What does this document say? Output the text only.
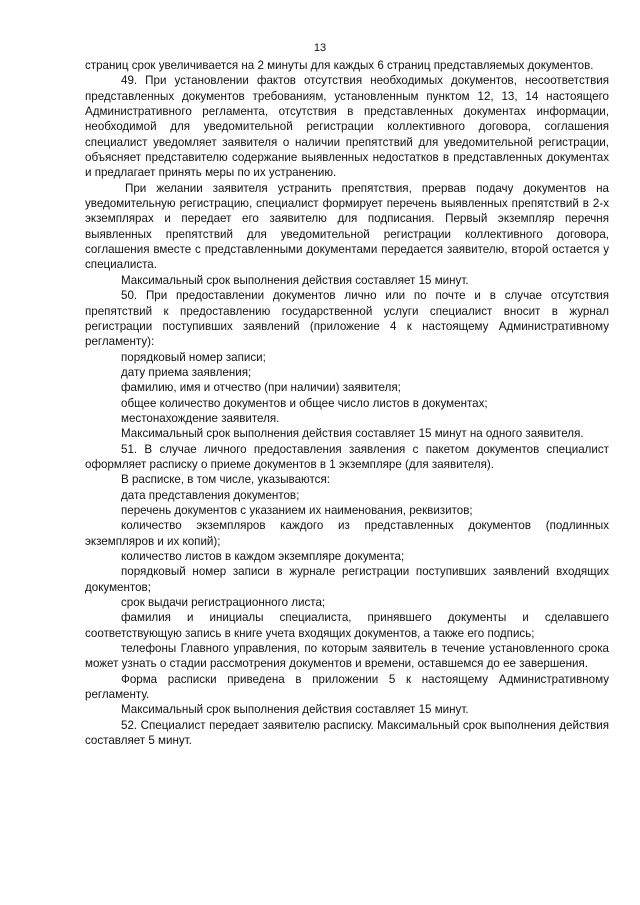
13

страниц срок увеличивается на 2 минуты для каждых 6 страниц представляемых документов.

49. При установлении фактов отсутствия необходимых документов, несоответствия представленных документов требованиям, установленным пунктом 12, 13, 14 настоящего Административного регламента, отсутствия в представленных документах информации, необходимой для уведомительной регистрации коллективного договора, соглашения специалист уведомляет заявителя о наличии препятствий для уведомительной регистрации, объясняет представителю содержание выявленных недостатков в представленных документах и предлагает принять меры по их устранению.

При желании заявителя устранить препятствия, прервав подачу документов на уведомительную регистрацию, специалист формирует перечень выявленных препятствий в 2-х экземплярах и передает его заявителю для подписания. Первый экземпляр перечня выявленных препятствий для уведомительной регистрации коллективного договора, соглашения вместе с представленными документами передается заявителю, второй остается у специалиста.

Максимальный срок выполнения действия составляет 15 минут.

50. При предоставлении документов лично или по почте и в случае отсутствия препятствий к предоставлению государственной услуги специалист вносит в журнал регистрации поступивших заявлений (приложение 4 к настоящему Административному регламенту):

порядковый номер записи;

дату приема заявления;

фамилию, имя и отчество (при наличии) заявителя;

общее количество документов и общее число листов в документах;

местонахождение заявителя.

Максимальный срок выполнения действия составляет 15 минут на одного заявителя.

51. В случае личного предоставления заявления с пакетом документов специалист оформляет расписку о приеме документов в 1 экземпляре (для заявителя).

В расписке, в том числе, указываются:

дата представления документов;

перечень документов с указанием их наименования, реквизитов;

количество экземпляров каждого из представленных документов (подлинных экземпляров и их копий);

количество листов в каждом экземпляре документа;

порядковый номер записи в журнале регистрации поступивших заявлений входящих документов;

срок выдачи регистрационного листа;

фамилия и инициалы специалиста, принявшего документы и сделавшего соответствующую запись в книге учета входящих документов, а также его подпись;

телефоны Главного управления, по которым заявитель в течение установленного срока может узнать о стадии рассмотрения документов и времени, оставшемся до ее завершения.

Форма расписки приведена в приложении 5 к настоящему Административному регламенту.

Максимальный срок выполнения действия составляет 15 минут.

52. Специалист передает заявителю расписку. Максимальный срок выполнения действия составляет 5 минут.
